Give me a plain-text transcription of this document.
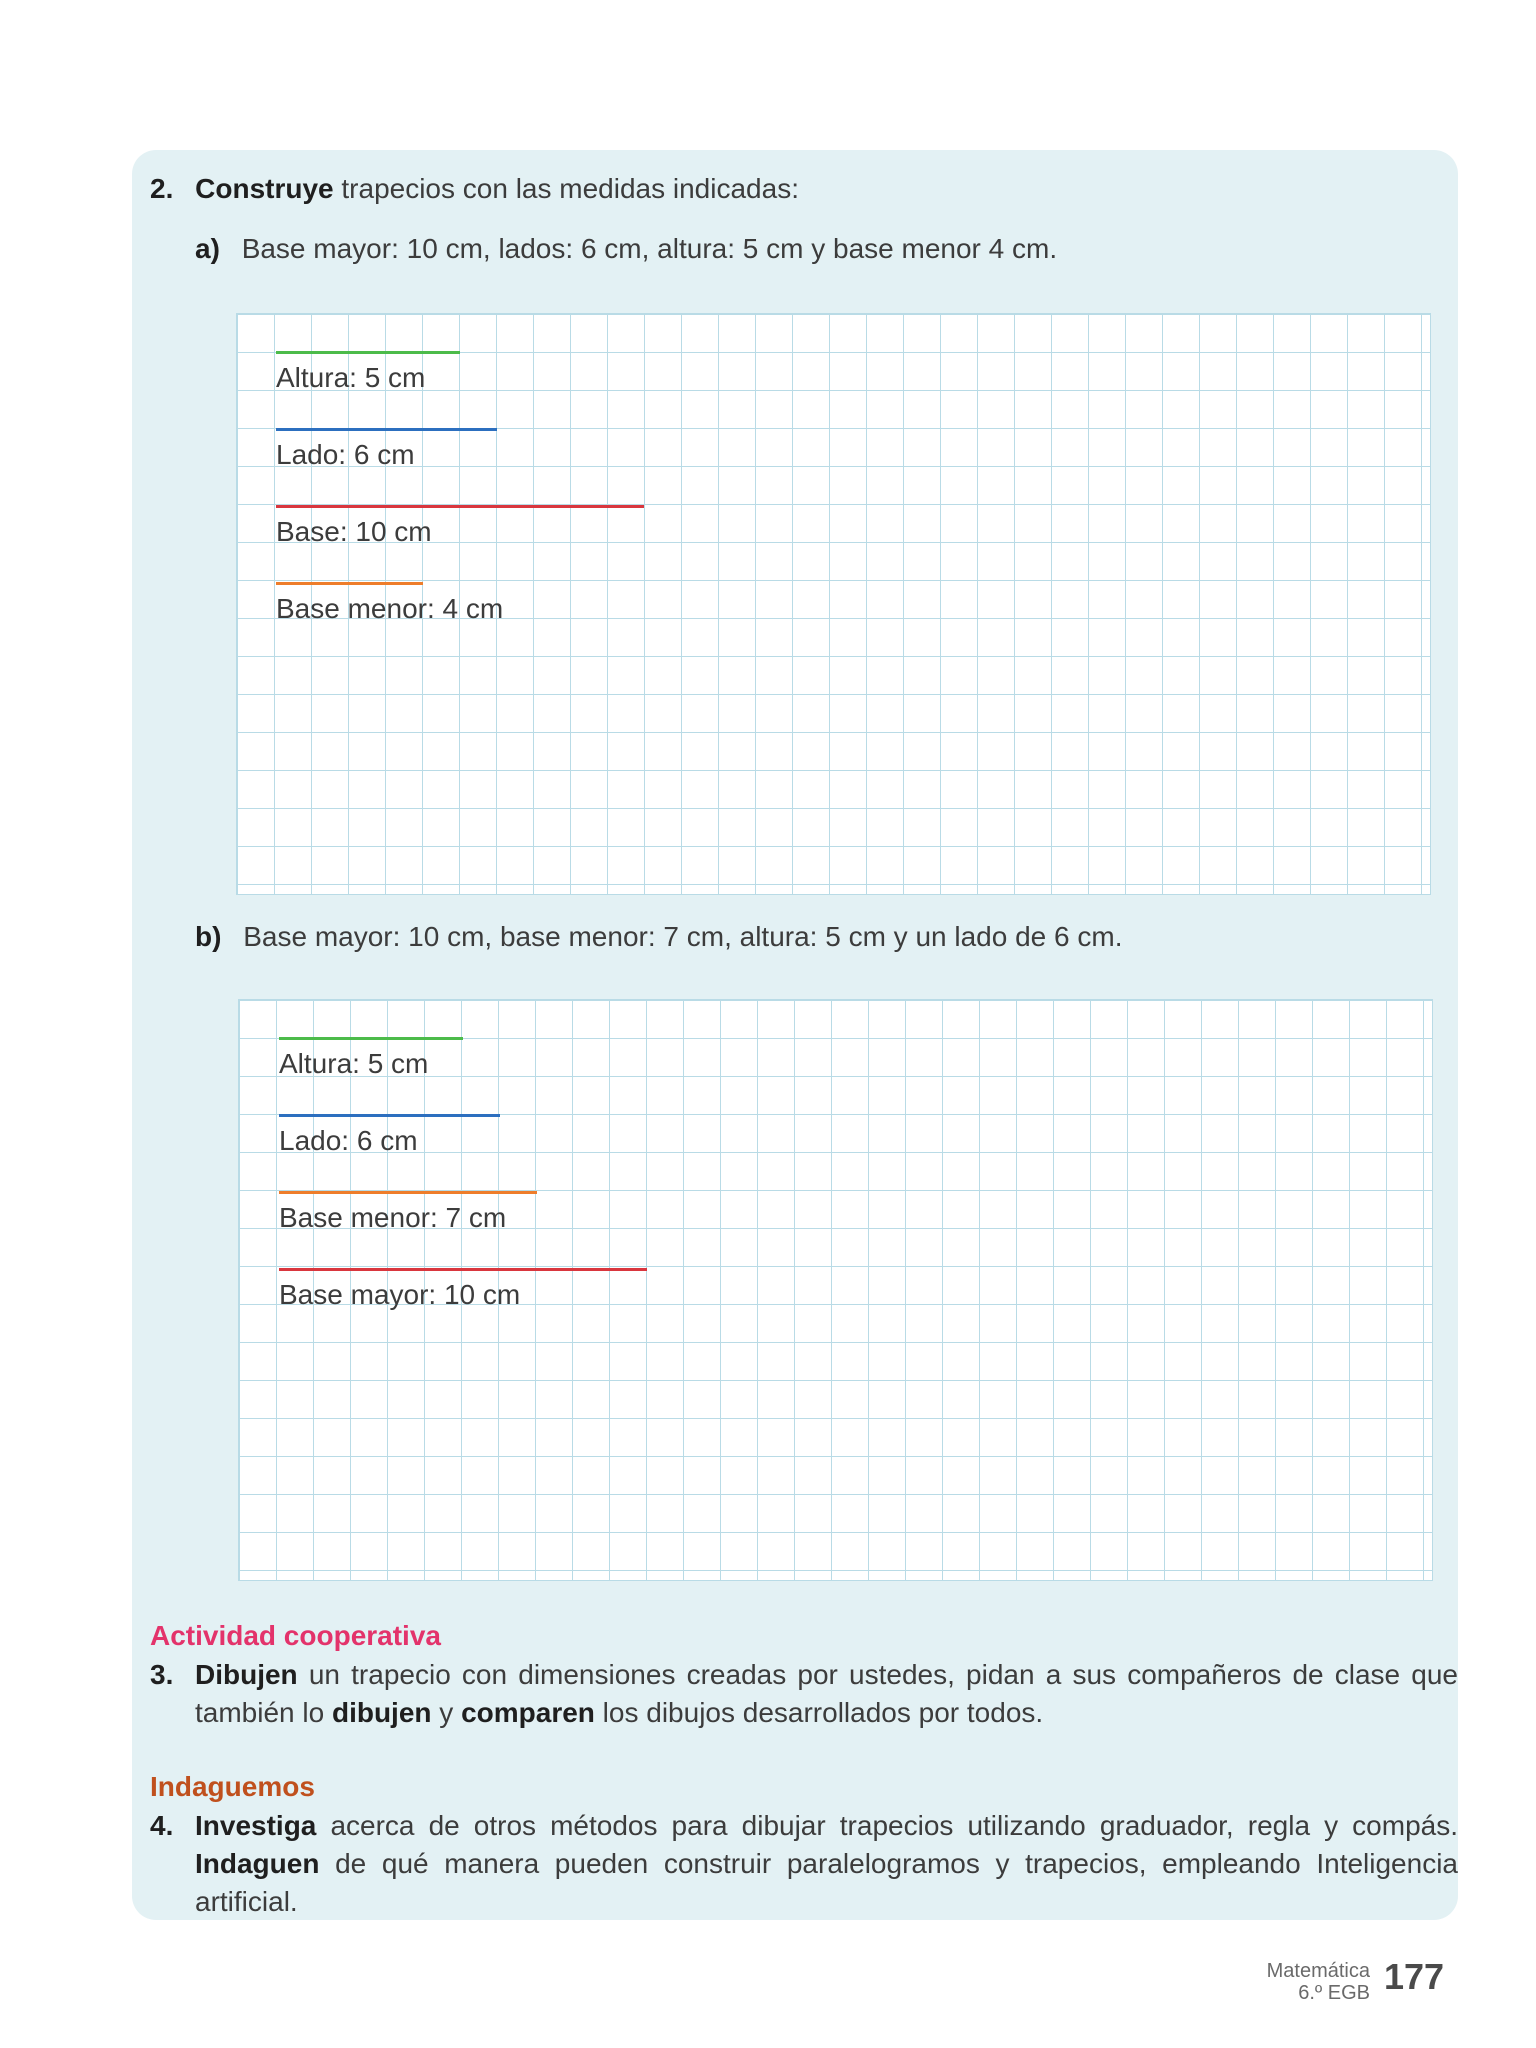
2. Construye trapecios con las medidas indicadas:
a) Base mayor: 10 cm, lados: 6 cm, altura: 5 cm y base menor 4 cm.
Altura: 5 cm
Lado: 6 cm
Base: 10 cm
Base menor: 4 cm
b) Base mayor: 10 cm, base menor: 7 cm, altura: 5 cm y un lado de 6 cm.
Altura: 5 cm
Lado: 6 cm
Base menor: 7 cm
Base mayor: 10 cm
Actividad cooperativa
3. Dibujen un trapecio con dimensiones creadas por ustedes, pidan a sus compañeros de clase que también lo dibujen y comparen los dibujos desarrollados por todos.
Indaguemos
4. Investiga acerca de otros métodos para dibujar trapecios utilizando graduador, regla y compás. Indaguen de qué manera pueden construir paralelogramos y trapecios, empleando Inteligencia artificial.
Matemática
6.º EGB 177
